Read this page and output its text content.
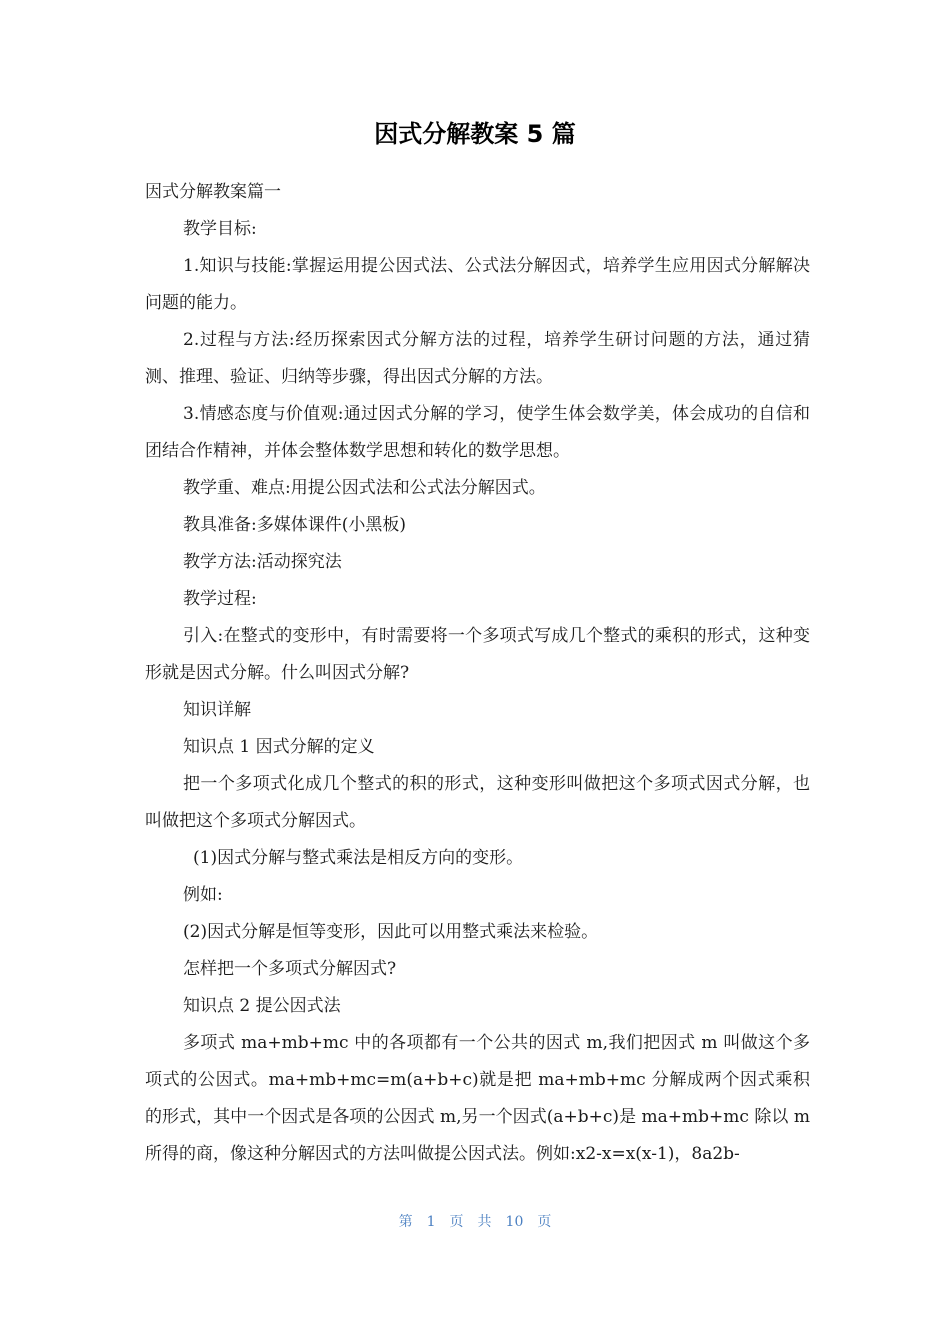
因式分解教案 5 篇

因式分解教案篇一

教学目标:

1.知识与技能:掌握运用提公因式法、公式法分解因式，培养学生应用因式分解解决问题的能力。

2.过程与方法:经历探索因式分解方法的过程，培养学生研讨问题的方法，通过猜测、推理、验证、归纳等步骤，得出因式分解的方法。

3.情感态度与价值观:通过因式分解的学习，使学生体会数学美，体会成功的自信和团结合作精神，并体会整体数学思想和转化的数学思想。

教学重、难点:用提公因式法和公式法分解因式。

教具准备:多媒体课件(小黑板)

教学方法:活动探究法

教学过程:

引入:在整式的变形中，有时需要将一个多项式写成几个整式的乘积的形式，这种变形就是因式分解。什么叫因式分解?

知识详解

知识点 1 因式分解的定义

把一个多项式化成几个整式的积的形式，这种变形叫做把这个多项式因式分解，也叫做把这个多项式分解因式。

(1)因式分解与整式乘法是相反方向的变形。

例如:

(2)因式分解是恒等变形，因此可以用整式乘法来检验。

怎样把一个多项式分解因式?

知识点 2 提公因式法

多项式 ma+mb+mc 中的各项都有一个公共的因式 m,我们把因式 m 叫做这个多项式的公因式。ma+mb+mc=m(a+b+c)就是把 ma+mb+mc 分解成两个因式乘积的形式，其中一个因式是各项的公因式 m,另一个因式(a+b+c)是 ma+mb+mc 除以 m 所得的商，像这种分解因式的方法叫做提公因式法。例如:x2-x=x(x-1)，8a2b-

第 1 页 共 10 页
